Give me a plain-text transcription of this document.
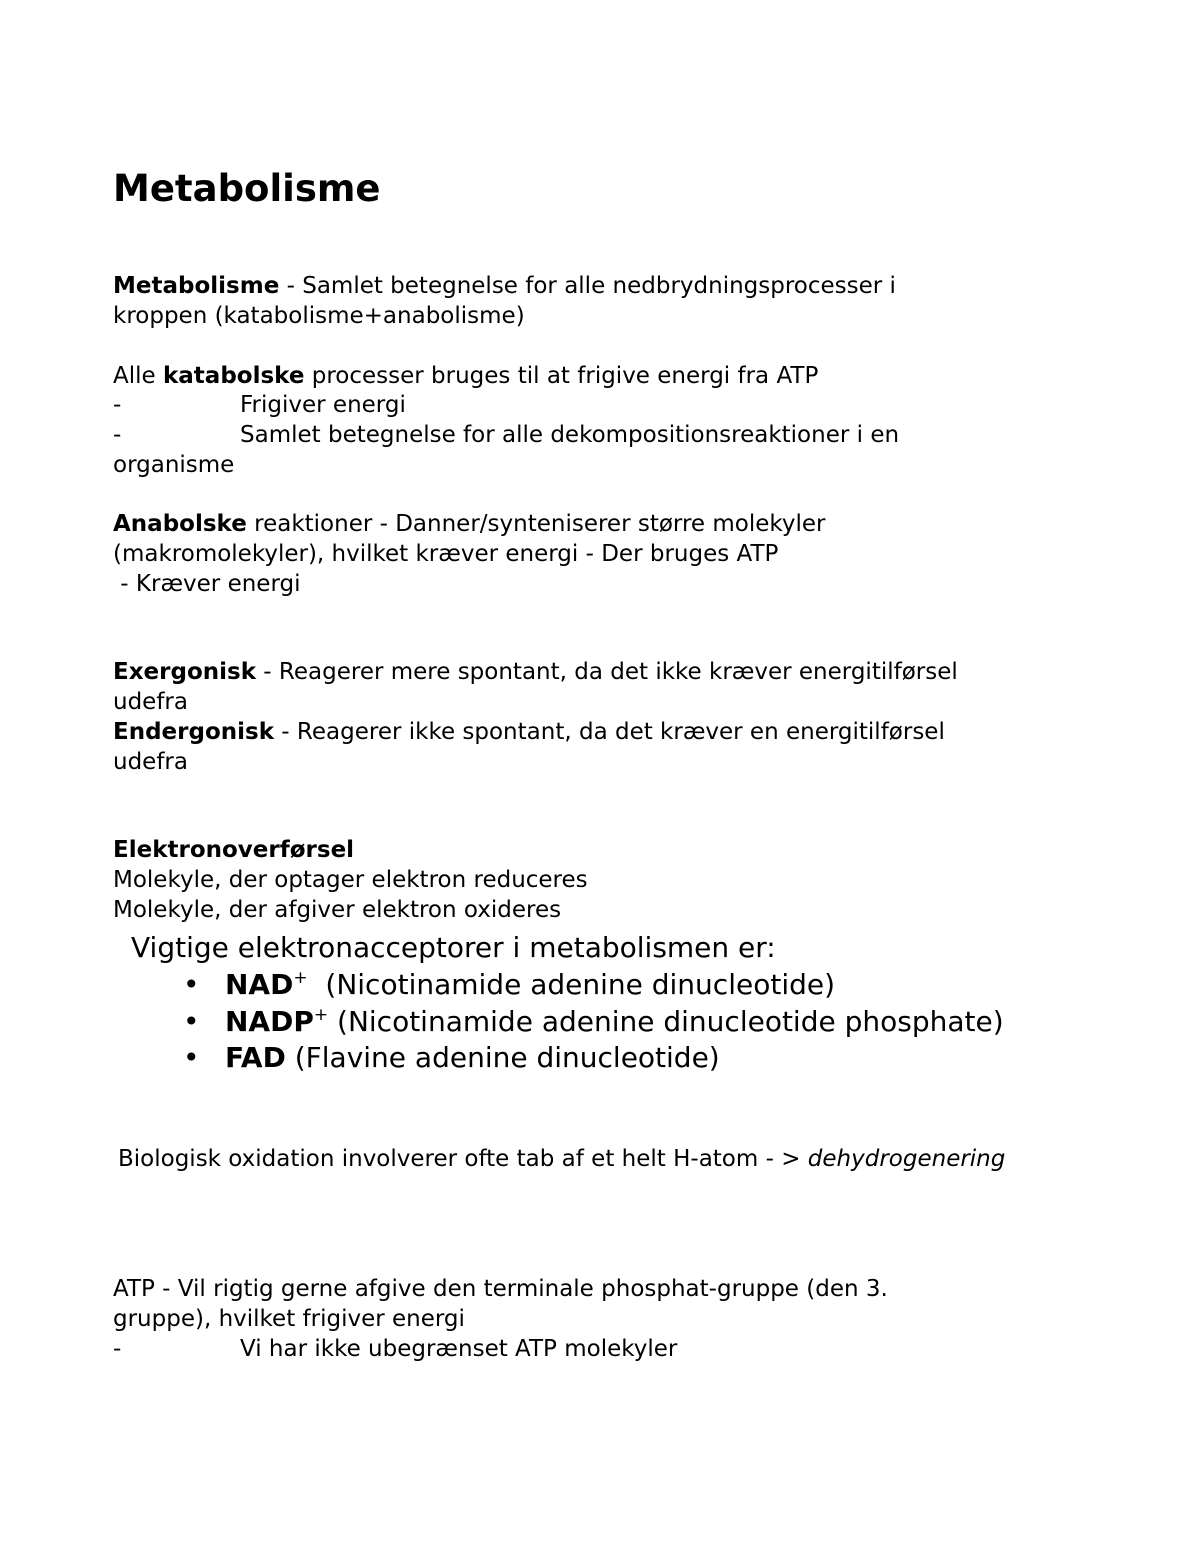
Metabolisme
Metabolisme - Samlet betegnelse for alle nedbrydningsprocesser i
kroppen (katabolisme+anabolisme)
Alle katabolske processer bruges til at frigive energi fra ATP
-	Frigiver energi
-	Samlet betegnelse for alle dekompositionsreaktioner i en
organisme
Anabolske reaktioner - Danner/synteniserer større molekyler
(makromolekyler), hvilket kræver energi - Der bruges ATP
- Kræver energi
Exergonisk - Reagerer mere spontant, da det ikke kræver energitilførsel
udefra
Endergonisk - Reagerer ikke spontant, da det kræver en energitilførsel
udefra
Elektronoverførsel
Molekyle, der optager elektron reduceres
Molekyle, der afgiver elektron oxideres
Vigtige elektronacceptorer i metabolismen er:
• NAD+  (Nicotinamide adenine dinucleotide)
• NADP+ (Nicotinamide adenine dinucleotide phosphate)
• FAD (Flavine adenine dinucleotide)
Biologisk oxidation involverer ofte tab af et helt H-atom - > dehydrogenering
ATP - Vil rigtig gerne afgive den terminale phosphat-gruppe (den 3.
gruppe), hvilket frigiver energi
-	Vi har ikke ubegrænset ATP molekyler
